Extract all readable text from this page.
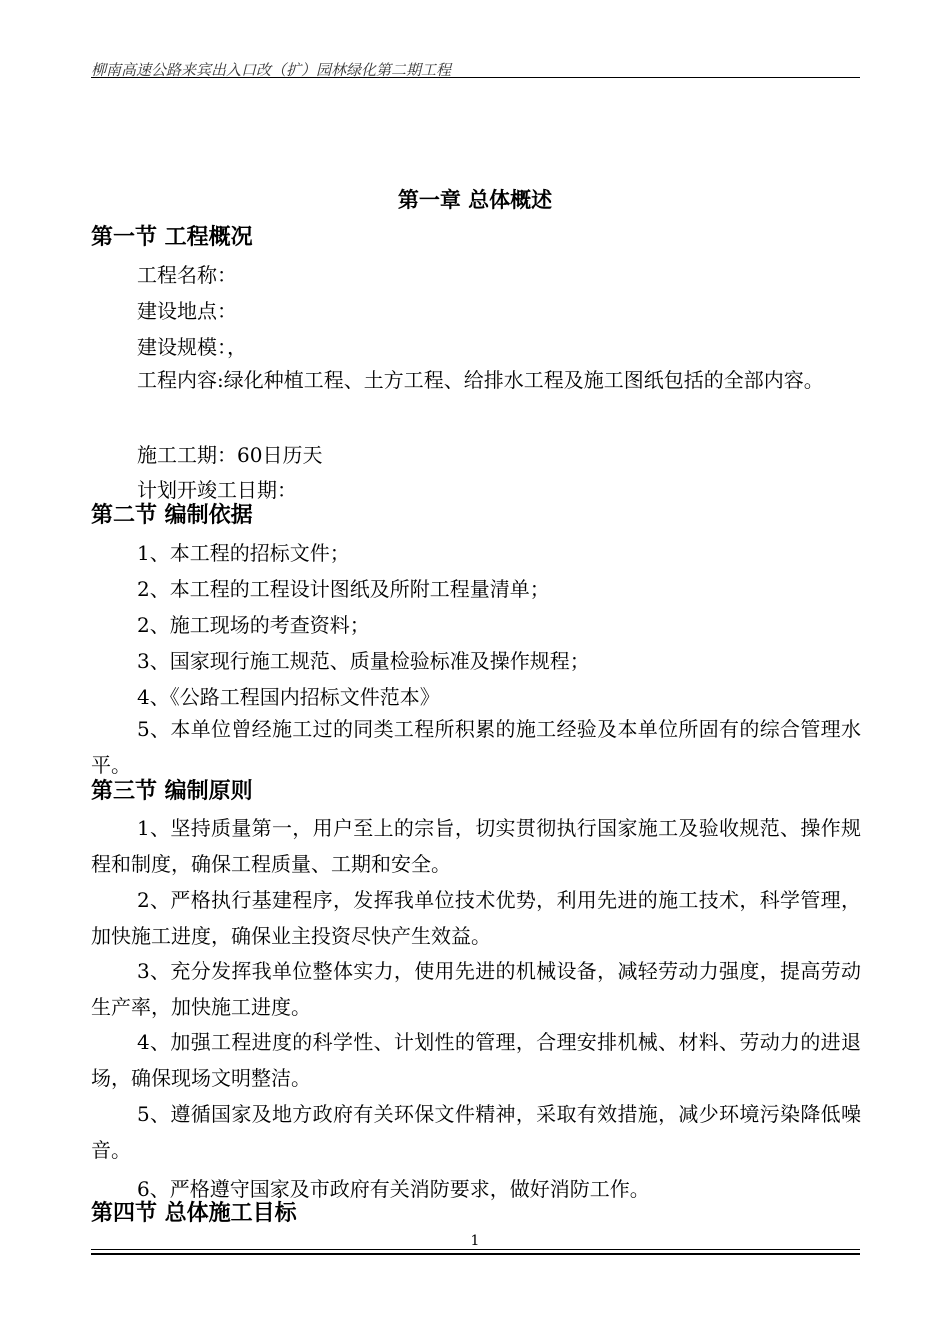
柳南高速公路来宾出入口改（扩）园林绿化第二期工程
第一章 总体概述
第一节 工程概况
工程名称：
建设地点：
建设规模：，
工程内容:绿化种植工程、土方工程、给排水工程及施工图纸包括的全部内容。
施工工期：60日历天
计划开竣工日期：
第二节 编制依据
1、本工程的招标文件；
2、本工程的工程设计图纸及所附工程量清单；
2、施工现场的考查资料；
3、国家现行施工规范、质量检验标准及操作规程；
4、《公路工程国内招标文件范本》
5、本单位曾经施工过的同类工程所积累的施工经验及本单位所固有的综合管理水平。
第三节 编制原则
1、坚持质量第一，用户至上的宗旨，切实贯彻执行国家施工及验收规范、操作规程和制度，确保工程质量、工期和安全。
2、严格执行基建程序，发挥我单位技术优势，利用先进的施工技术，科学管理，加快施工进度，确保业主投资尽快产生效益。
3、充分发挥我单位整体实力，使用先进的机械设备，减轻劳动力强度，提高劳动生产率，加快施工进度。
4、加强工程进度的科学性、计划性的管理，合理安排机械、材料、劳动力的进退场，确保现场文明整洁。
5、遵循国家及地方政府有关环保文件精神，采取有效措施，减少环境污染降低噪音。
6、严格遵守国家及市政府有关消防要求，做好消防工作。
第四节 总体施工目标
1
